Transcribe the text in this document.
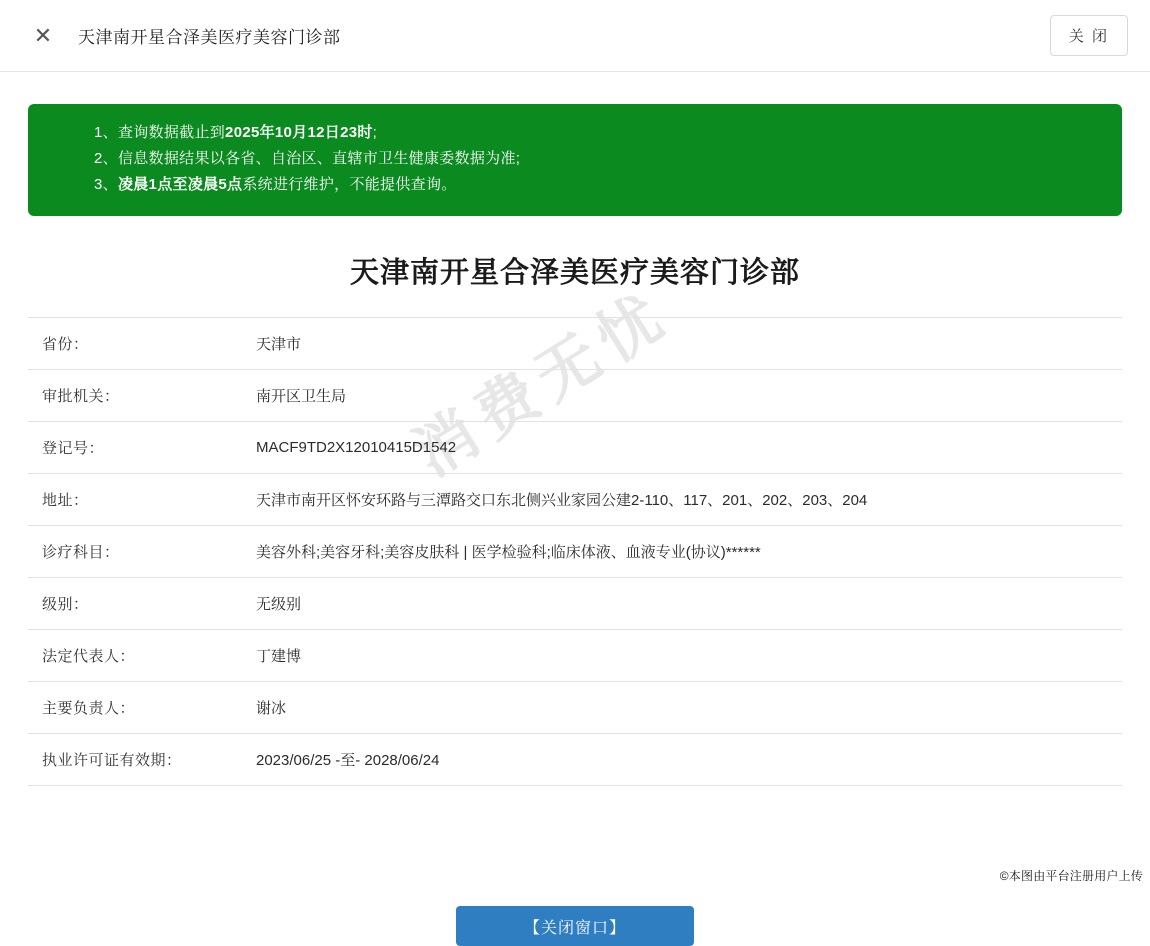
✕ 天津南开星合泽美医疗美容门诊部	关 闭
1、查询数据截止到2025年10月12日23时;
2、信息数据结果以各省、自治区、直辖市卫生健康委数据为准;
3、凌晨1点至凌晨5点系统进行维护，不能提供查询。
天津南开星合泽美医疗美容门诊部
省份：	天津市
审批机关：	南开区卫生局
登记号：	MACF9TD2X12010415D1542
地址：	天津市南开区怀安环路与三潭路交口东北侧兴业家园公建2-110、117、201、202、203、204
诊疗科目：	美容外科;美容牙科;美容皮肤科 | 医学检验科;临床体液、血液专业(协议)******
级别：	无级别
法定代表人：	丁建博
主要负责人：	谢冰
执业许可证有效期：	2023/06/25 -至- 2028/06/24
【关闭窗口】
消费无忧
©本图由平台注册用户上传
